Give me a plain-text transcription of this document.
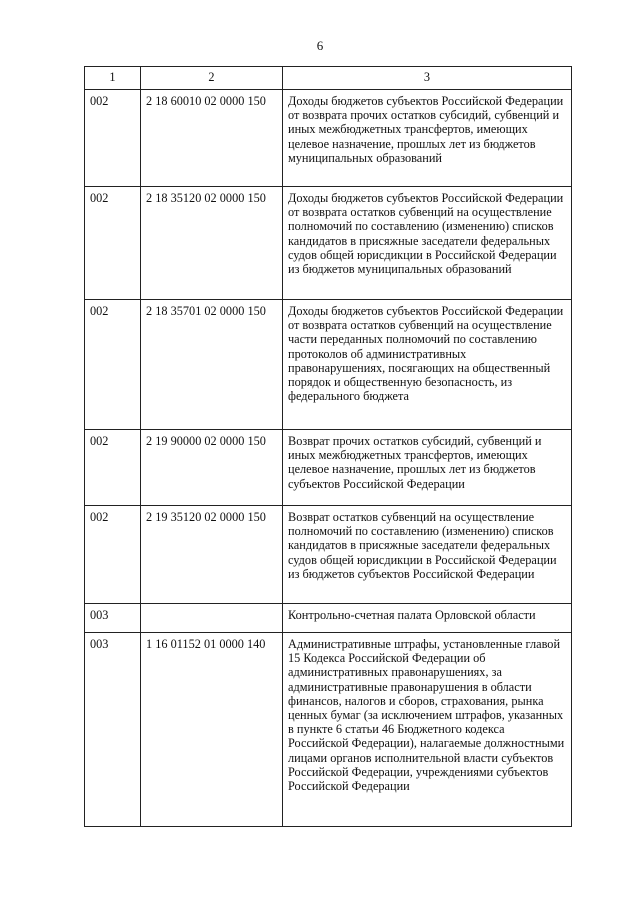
6
1	2	3
002	2 18 60010 02 0000 150	Доходы бюджетов субъектов Российской Федерации от возврата прочих остатков субсидий, субвенций и иных межбюджетных трансфертов, имеющих целевое назначение, прошлых лет из бюджетов муниципальных образований
002	2 18 35120 02 0000 150	Доходы бюджетов субъектов Российской Федерации от возврата остатков субвенций на осуществление полномочий по составлению (изменению) списков кандидатов в присяжные заседатели федеральных судов общей юрисдикции в Российской Федерации из бюджетов муниципальных образований
002	2 18 35701 02 0000 150	Доходы бюджетов субъектов Российской Федерации от возврата остатков субвенций на осуществление части переданных полномочий по составлению протоколов об административных правонарушениях, посягающих на общественный порядок и общественную безопасность, из федерального бюджета
002	2 19 90000 02 0000 150	Возврат прочих остатков субсидий, субвенций и иных межбюджетных трансфертов, имеющих целевое назначение, прошлых лет из бюджетов субъектов Российской Федерации
002	2 19 35120 02 0000 150	Возврат остатков субвенций на осуществление полномочий по составлению (изменению) списков кандидатов в присяжные заседатели федеральных судов общей юрисдикции в Российской Федерации из бюджетов субъектов Российской Федерации
003		Контрольно-счетная палата Орловской области
003	1 16 01152 01 0000 140	Административные штрафы, установленные главой 15 Кодекса Российской Федерации об административных правонарушениях, за административные правонарушения в области финансов, налогов и сборов, страхования, рынка ценных бумаг (за исключением штрафов, указанных в пункте 6 статьи 46 Бюджетного кодекса Российской Федерации), налагаемые должностными лицами органов исполнительной власти субъектов Российской Федерации, учреждениями субъектов Российской Федерации
